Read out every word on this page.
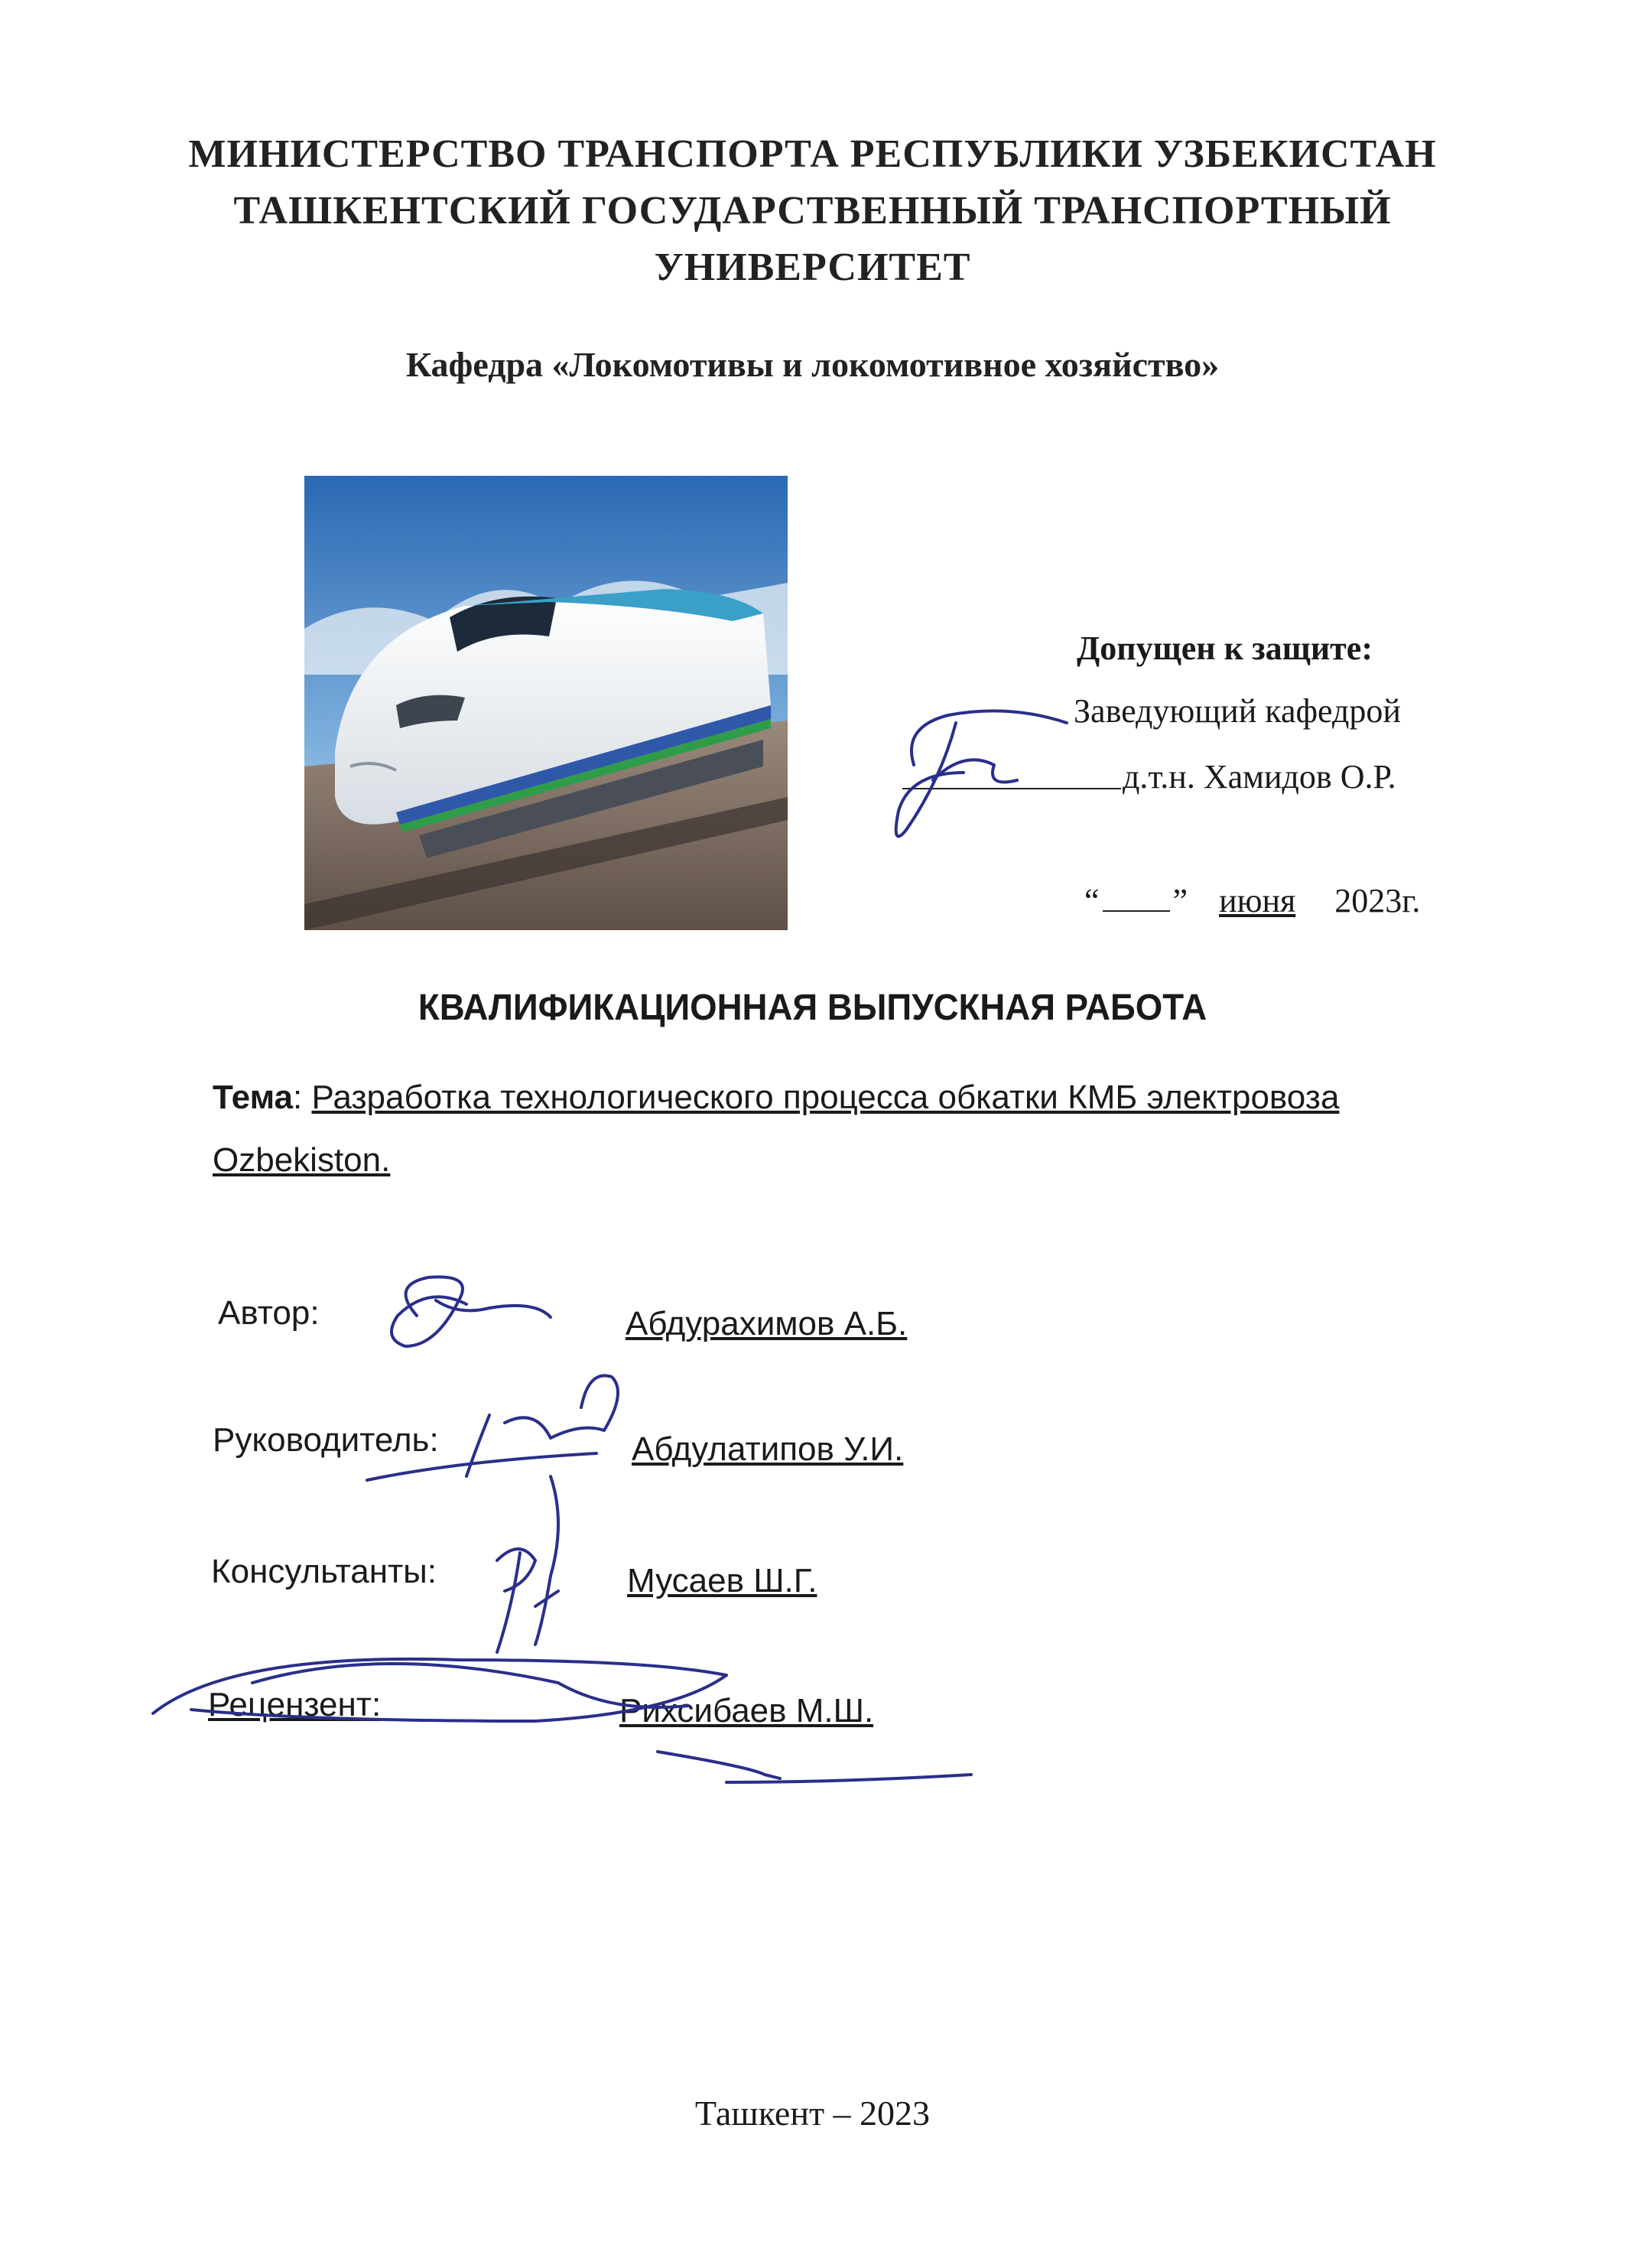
МИНИСТЕРСТВО ТРАНСПОРТА РЕСПУБЛИКИ УЗБЕКИСТАН
ТАШКЕНТСКИЙ ГОСУДАРСТВЕННЫЙ ТРАНСПОРТНЫЙ
УНИВЕРСИТЕТ
Кафедра «Локомотивы и локомотивное хозяйство»
Допущен к защите:
Заведующий кафедрой
д.т.н. Хамидов О.Р.
“ ” июня 2023г.
КВАЛИФИКАЦИОННАЯ ВЫПУСКНАЯ РАБОТА
Тема: Разработка технологического процесса обкатки КМБ электровоза
Ozbekiston.
Автор:	Абдурахимов А.Б.
Руководитель:	Абдулатипов У.И.
Консультанты:	Мусаев Ш.Г.
Рецензент:	Рихсибаев М.Ш.
Ташкент – 2023
